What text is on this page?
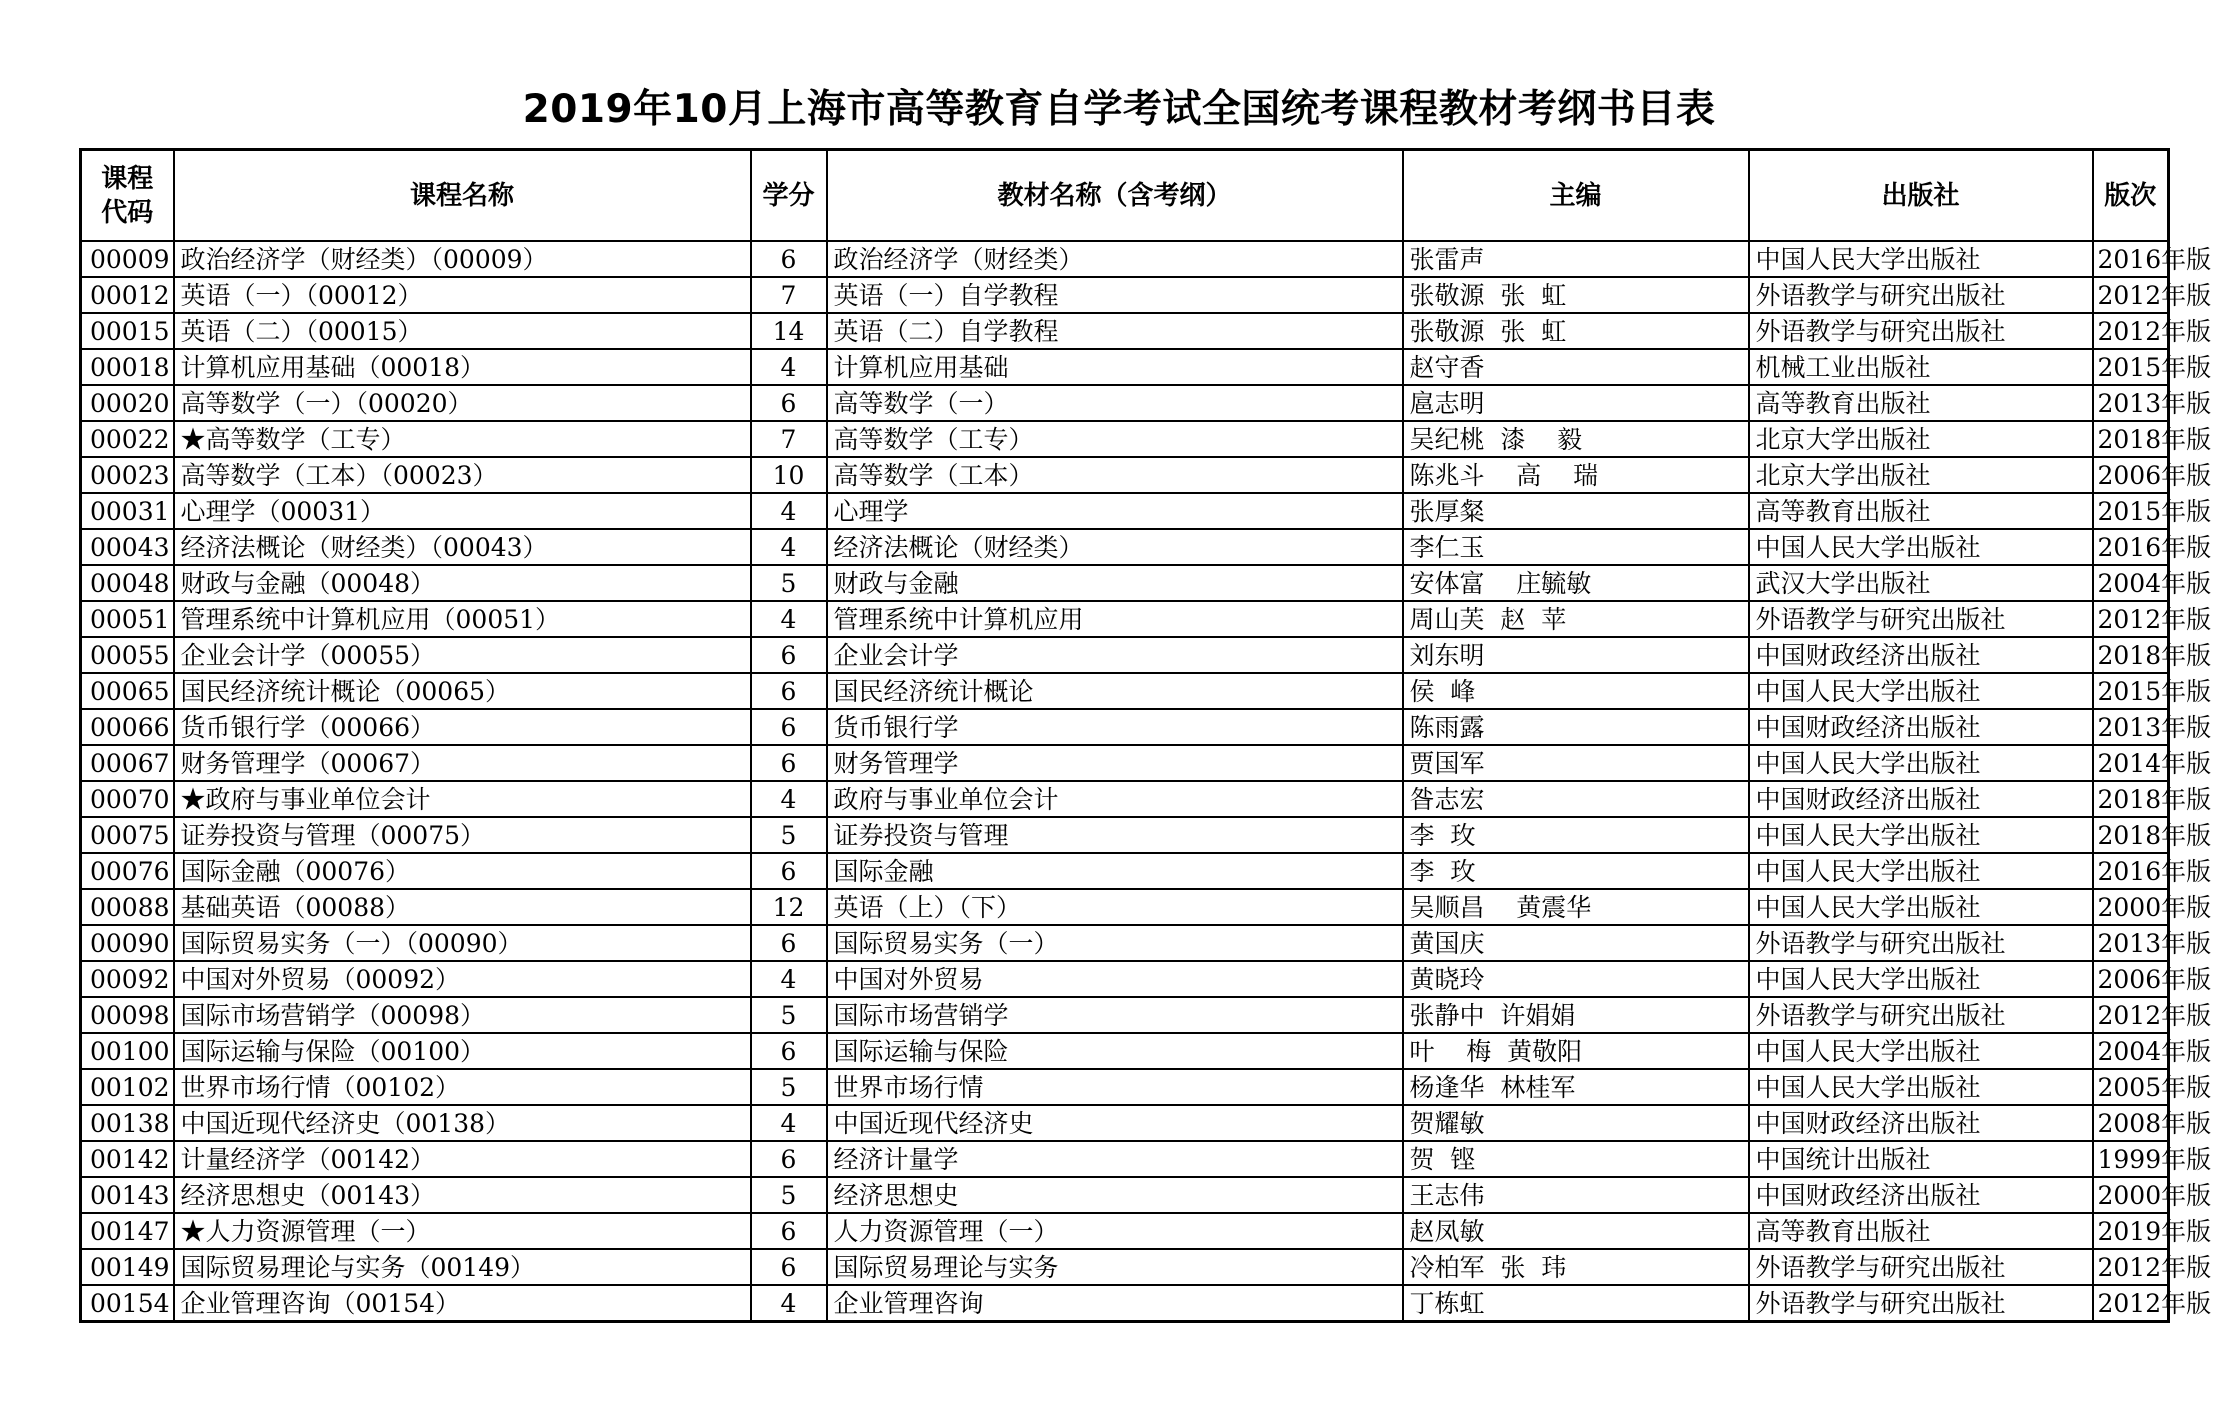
2019年10月上海市高等教育自学考试全国统考课程教材考纲书目表
课程代码	课程名称	学分	教材名称（含考纲）	主编	出版社	版次
00009	政治经济学（财经类）（00009）	6	政治经济学（财经类）	张雷声	中国人民大学出版社	2016年版
00012	英语（一）（00012）	7	英语（一）自学教程	张敬源  张  虹	外语教学与研究出版社	2012年版
00015	英语（二）（00015）	14	英语（二）自学教程	张敬源  张  虹	外语教学与研究出版社	2012年版
00018	计算机应用基础（00018）	4	计算机应用基础	赵守香	机械工业出版社	2015年版
00020	高等数学（一）（00020）	6	高等数学（一）	扈志明	高等教育出版社	2013年版
00022	★高等数学（工专）	7	高等数学（工专）	吴纪桃  漆    毅	北京大学出版社	2018年版
00023	高等数学（工本）（00023）	10	高等数学（工本）	陈兆斗    高    瑞	北京大学出版社	2006年版
00031	心理学（00031）	4	心理学	张厚粲	高等教育出版社	2015年版
00043	经济法概论（财经类）（00043）	4	经济法概论（财经类）	李仁玉	中国人民大学出版社	2016年版
00048	财政与金融（00048）	5	财政与金融	安体富    庄毓敏	武汉大学出版社	2004年版
00051	管理系统中计算机应用（00051）	4	管理系统中计算机应用	周山芙  赵  苹	外语教学与研究出版社	2012年版
00055	企业会计学（00055）	6	企业会计学	刘东明	中国财政经济出版社	2018年版
00065	国民经济统计概论（00065）	6	国民经济统计概论	侯  峰	中国人民大学出版社	2015年版
00066	货币银行学（00066）	6	货币银行学	陈雨露	中国财政经济出版社	2013年版
00067	财务管理学（00067）	6	财务管理学	贾国军	中国人民大学出版社	2014年版
00070	★政府与事业单位会计	4	政府与事业单位会计	昝志宏	中国财政经济出版社	2018年版
00075	证券投资与管理（00075）	5	证券投资与管理	李  玫	中国人民大学出版社	2018年版
00076	国际金融（00076）	6	国际金融	李  玫	中国人民大学出版社	2016年版
00088	基础英语（00088）	12	英语（上）（下）	吴顺昌    黄震华	中国人民大学出版社	2000年版
00090	国际贸易实务（一）（00090）	6	国际贸易实务（一）	黄国庆	外语教学与研究出版社	2013年版
00092	中国对外贸易（00092）	4	中国对外贸易	黄晓玲	中国人民大学出版社	2006年版
00098	国际市场营销学（00098）	5	国际市场营销学	张静中  许娟娟	外语教学与研究出版社	2012年版
00100	国际运输与保险（00100）	6	国际运输与保险	叶    梅  黄敬阳	中国人民大学出版社	2004年版
00102	世界市场行情（00102）	5	世界市场行情	杨逢华  林桂军	中国人民大学出版社	2005年版
00138	中国近现代经济史（00138）	4	中国近现代经济史	贺耀敏	中国财政经济出版社	2008年版
00142	计量经济学（00142）	6	经济计量学	贺  铿	中国统计出版社	1999年版
00143	经济思想史（00143）	5	经济思想史	王志伟	中国财政经济出版社	2000年版
00147	★人力资源管理（一）	6	人力资源管理（一）	赵凤敏	高等教育出版社	2019年版
00149	国际贸易理论与实务（00149）	6	国际贸易理论与实务	冷柏军  张  玮	外语教学与研究出版社	2012年版
00154	企业管理咨询（00154）	4	企业管理咨询	丁栋虹	外语教学与研究出版社	2012年版
